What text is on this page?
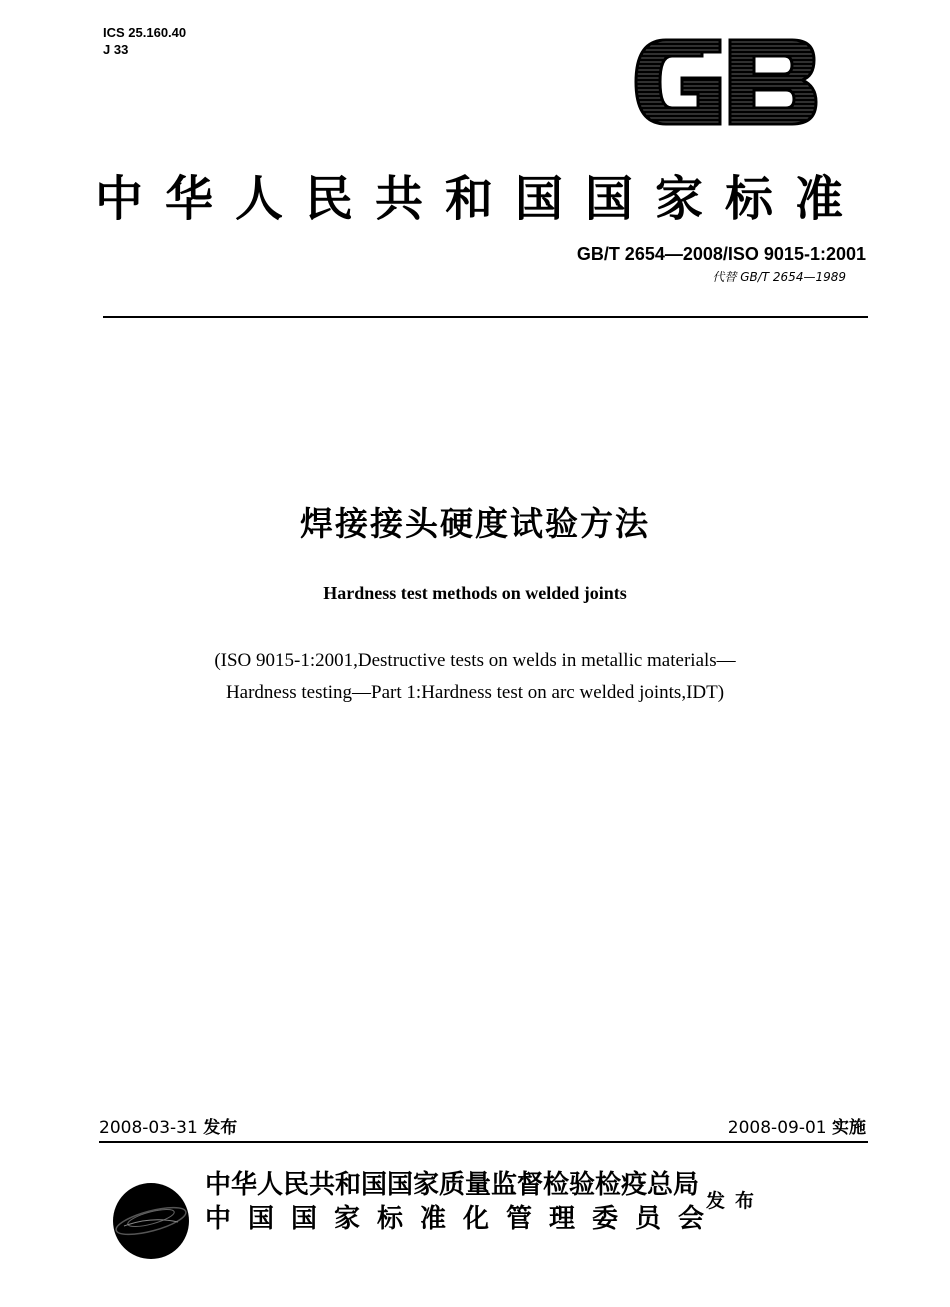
ICS 25.160.40
J 33
中华人民共和国国家标准
GB/T 2654—2008/ISO 9015-1:2001
代替 GB/T 2654—1989
焊接接头硬度试验方法
Hardness test methods on welded joints
(ISO 9015-1:2001,Destructive tests on welds in metallic materials—
Hardness testing—Part 1:Hardness test on arc welded joints,IDT)
2008-03-31 发布	2008-09-01 实施
中华人民共和国国家质量监督检验检疫总局
中国国家标准化管理委员会
发布
